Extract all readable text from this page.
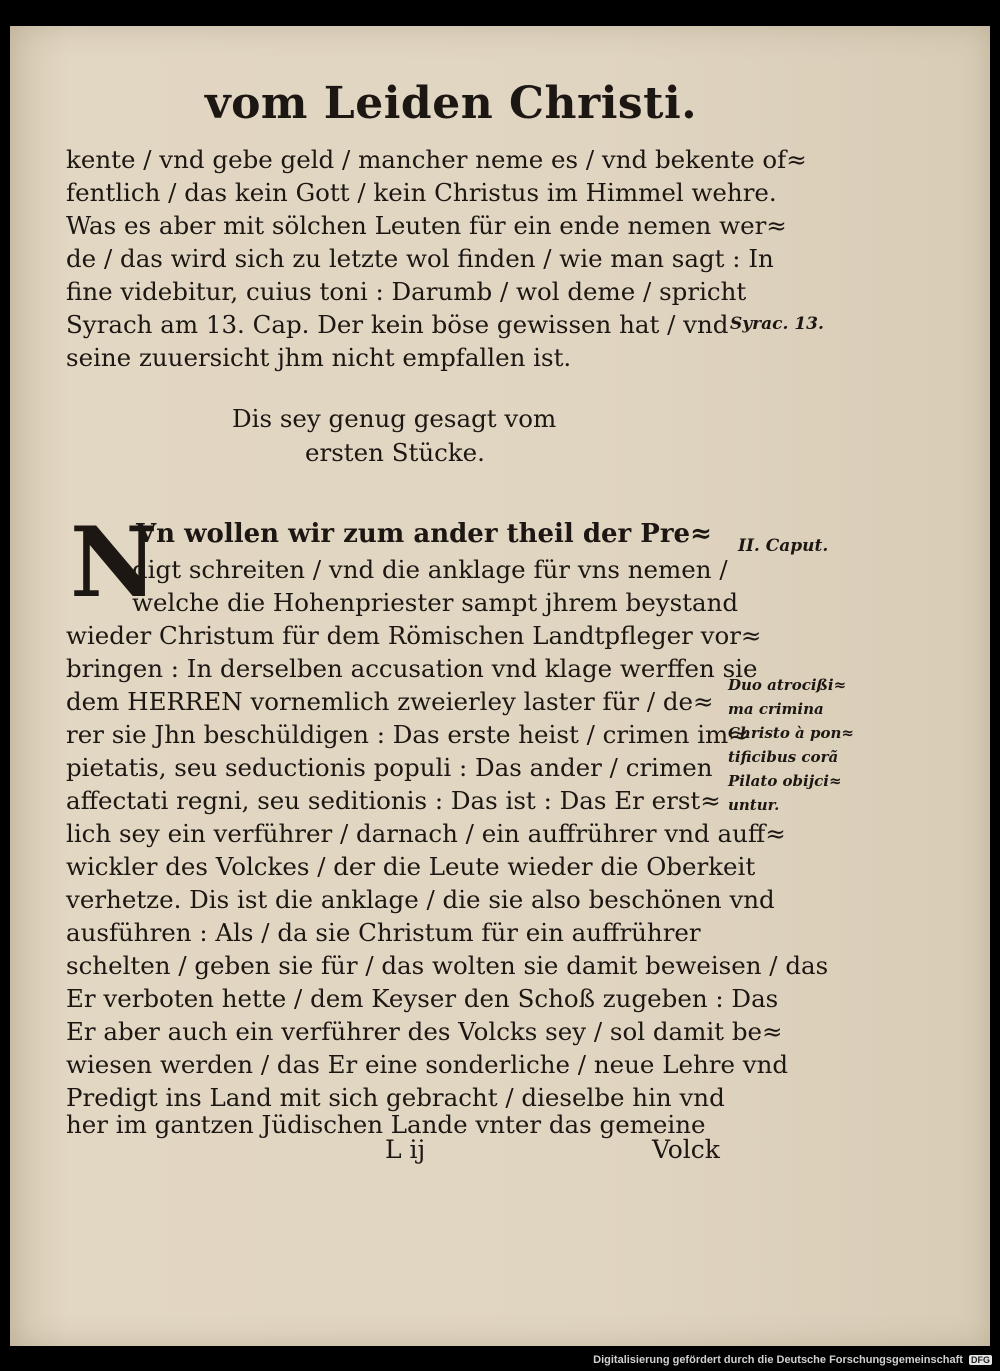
vom Leiden Christi.
kente / vnd gebe geld / mancher neme es / vnd bekente of≈
fentlich / das kein Gott / kein Christus im Himmel wehre.
Was es aber mit sölchen Leuten für ein ende nemen wer≈
de / das wird sich zu letzte wol finden / wie man sagt : In
fine videbitur, cuius toni : Darumb / wol deme / spricht
Syrach am 13. Cap. Der kein böse gewissen hat / vnd
seine zuuersicht jhm nicht empfallen ist.
Syrac. 13.
Dis sey genug gesagt vom
ersten Stücke.
N
Vn wollen wir zum ander theil der Pre≈
digt schreiten / vnd die anklage für vns nemen /
welche die Hohenpriester sampt jhrem beystand
wieder Christum für dem Römischen Landtpfleger vor≈
bringen : In derselben accusation vnd klage werffen sie
dem HERREN vornemlich zweierley laster für / de≈
rer sie Jhn beschüldigen : Das erste heist / crimen im≈
pietatis, seu seductionis populi : Das ander / crimen
affectati regni, seu seditionis : Das ist : Das Er erst≈
lich sey ein verführer / darnach / ein auffrührer vnd auff≈
wickler des Volckes / der die Leute wieder die Oberkeit
verhetze. Dis ist die anklage / die sie also beschönen vnd
ausführen : Als / da sie Christum für ein auffrührer
schelten / geben sie für / das wolten sie damit beweisen / das
Er verboten hette / dem Keyser den Schoß zugeben : Das
Er aber auch ein verführer des Volcks sey / sol damit be≈
wiesen werden / das Er eine sonderliche / neue Lehre vnd
Predigt ins Land mit sich gebracht / dieselbe hin vnd
her im gantzen Jüdischen Lande vnter das gemeine
II. Caput.
Duo atrocißi≈
ma crimina
Christo à pon≈
tificibus corã
Pilato obijci≈
untur.
L ij	Volck
Digitalisierung gefördert durch die Deutsche Forschungsgemeinschaft DFG
